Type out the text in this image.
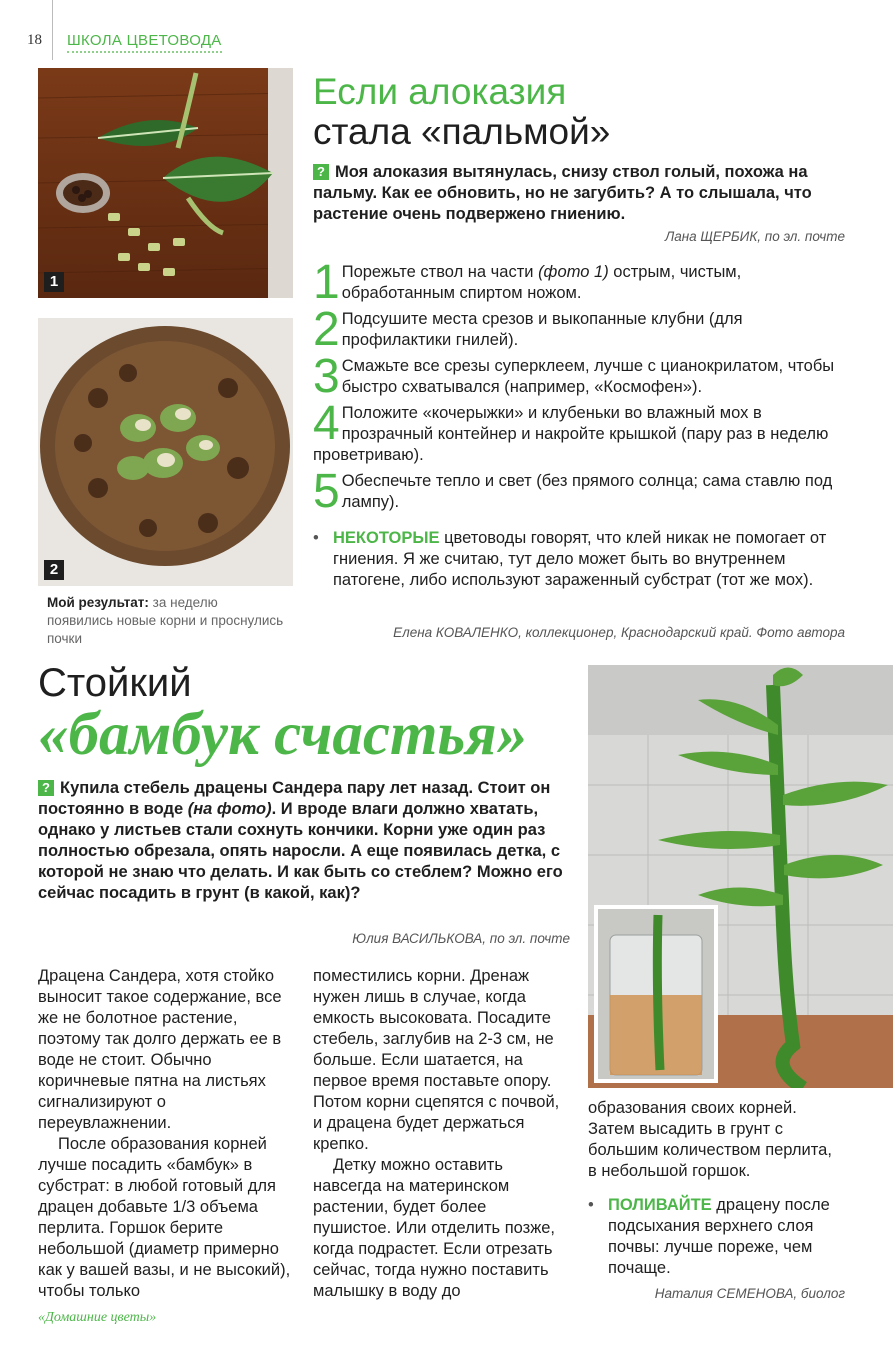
18 ШКОЛА ЦВЕТОВОДА
1
2
Мой результат: за неделю появились новые корни и проснулись почки
Если алоказия
стала «пальмой»
? Моя алоказия вытянулась, снизу ствол голый, похожа на пальму. Как ее обновить, но не загубить? А то слышала, что растение очень подвержено гниению.
Лана ЩЕРБИК, по эл. почте
1 Порежьте ствол на части (фото 1) острым, чистым, обработанным спиртом ножом.
2 Подсушите места срезов и выкопанные клубни (для профилактики гнилей).
3 Смажьте все срезы суперклеем, лучше с цианокрилатом, чтобы быстро схватывался (например, «Космофен»).
4 Положите «кочерыжки» и клубеньки во влажный мох в прозрачный контейнер и накройте крышкой (пару раз в неделю проветриваю).
5 Обеспечьте тепло и свет (без прямого солнца; сама ставлю под лампу).
• НЕКОТОРЫЕ цветоводы говорят, что клей никак не помогает от гниения. Я же считаю, тут дело может быть во внутреннем патогене, либо используют зараженный субстрат (тот же мох).
Елена КОВАЛЕНКО, коллекционер, Краснодарский край. Фото автора
Стойкий
«бамбук счастья»
? Купила стебель драцены Сандера пару лет назад. Стоит он постоянно в воде (на фото). И вроде влаги должно хватать, однако у листьев стали сохнуть кончики. Корни уже один раз полностью обрезала, опять наросли. А еще появилась детка, с которой не знаю что делать. И как быть со стеблем? Можно его сейчас посадить в грунт (в какой, как)?
Юлия ВАСИЛЬКОВА, по эл. почте
Драцена Сандера, хотя стойко выносит такое содержание, все же не болотное растение, поэтому так долго держать ее в воде не стоит. Обычно коричневые пятна на листьях сигнализируют о переувлажнении.
После образования корней лучше посадить «бамбук» в субстрат: в любой готовый для драцен добавьте 1/3 объема перлита. Горшок берите небольшой (диаметр примерно как у вашей вазы, и не высокий), чтобы только
поместились корни. Дренаж нужен лишь в случае, когда емкость высоковата. Посадите стебель, заглубив на 2-3 см, не больше. Если шатается, на первое время поставьте опору. Потом корни сцепятся с почвой, и драцена будет держаться крепко.
Детку можно оставить навсегда на материнском растении, будет более пушистое. Или отделить позже, когда подрастет. Если отрезать сейчас, тогда нужно поставить малышку в воду до
образования своих корней. Затем высадить в грунт с большим количеством перлита, в небольшой горшок.
• ПОЛИВАЙТЕ драцену после подсыхания верхнего слоя почвы: лучше пореже, чем почаще.
Наталия СЕМЕНОВА, биолог
«Домашние цветы»
